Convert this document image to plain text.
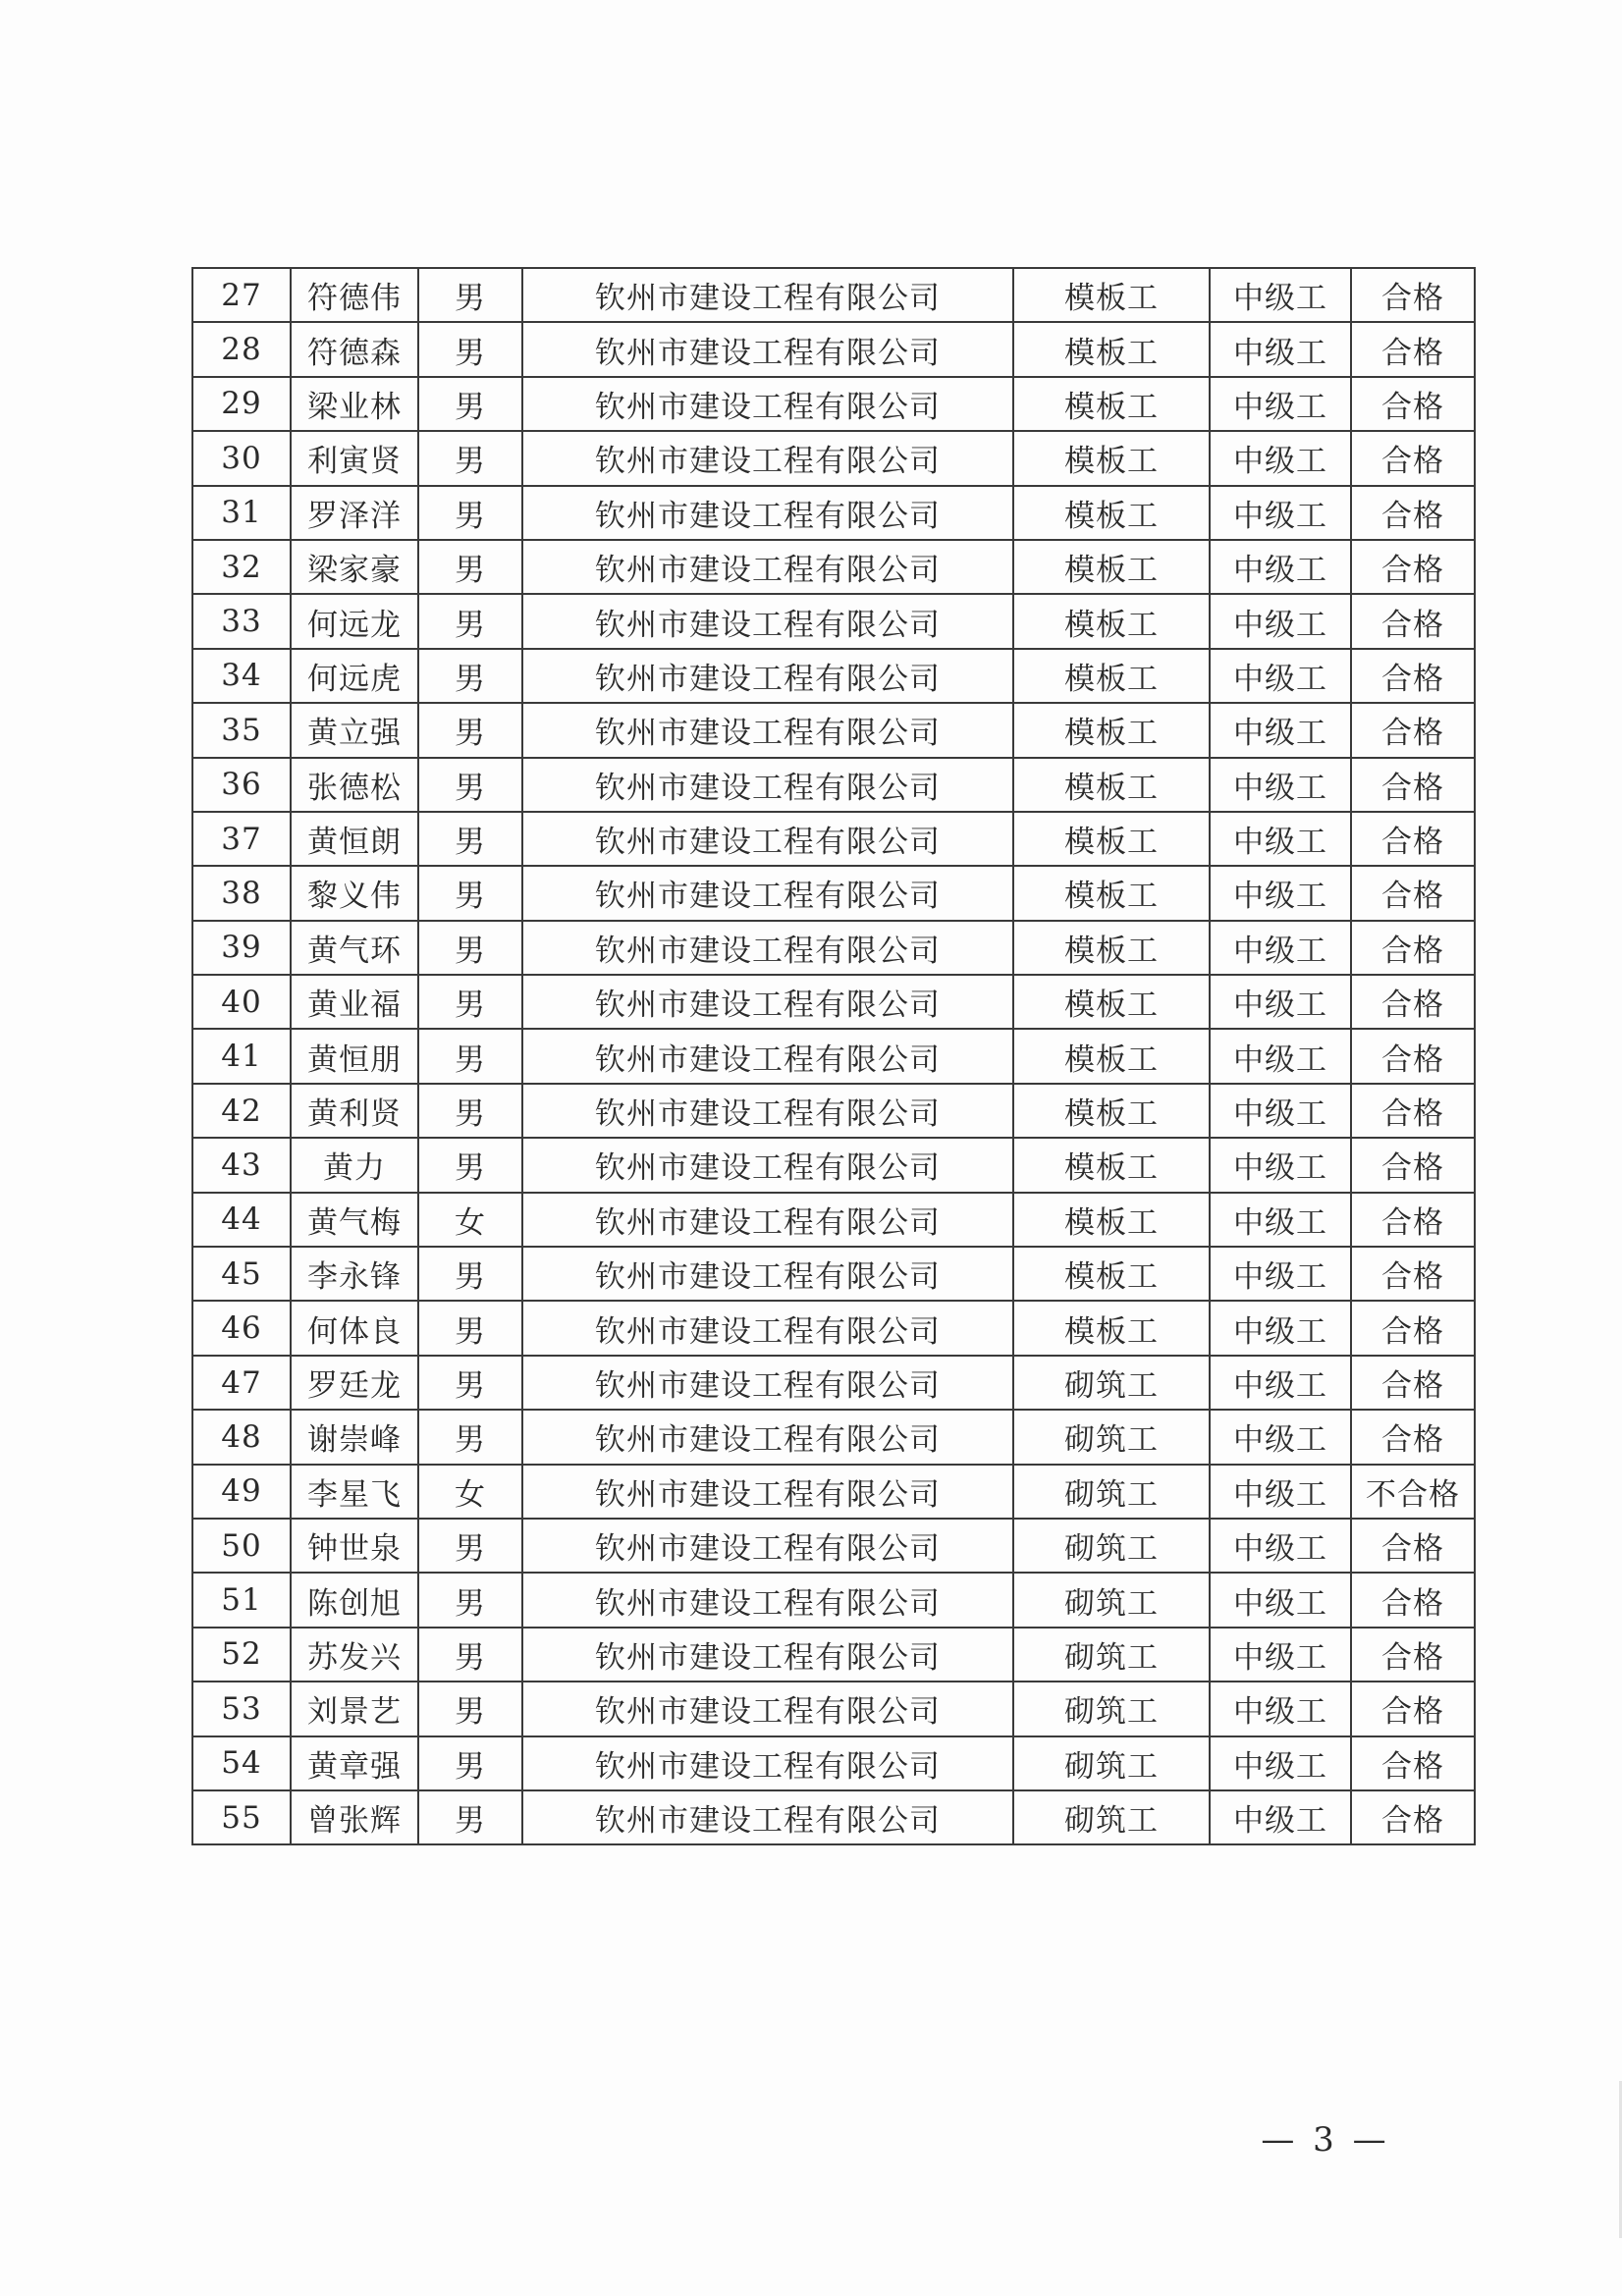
27	符德伟	男	钦州市建设工程有限公司	模板工	中级工	合格
28	符德森	男	钦州市建设工程有限公司	模板工	中级工	合格
29	梁业林	男	钦州市建设工程有限公司	模板工	中级工	合格
30	利寅贤	男	钦州市建设工程有限公司	模板工	中级工	合格
31	罗泽洋	男	钦州市建设工程有限公司	模板工	中级工	合格
32	梁家豪	男	钦州市建设工程有限公司	模板工	中级工	合格
33	何远龙	男	钦州市建设工程有限公司	模板工	中级工	合格
34	何远虎	男	钦州市建设工程有限公司	模板工	中级工	合格
35	黄立强	男	钦州市建设工程有限公司	模板工	中级工	合格
36	张德松	男	钦州市建设工程有限公司	模板工	中级工	合格
37	黄恒朗	男	钦州市建设工程有限公司	模板工	中级工	合格
38	黎义伟	男	钦州市建设工程有限公司	模板工	中级工	合格
39	黄气环	男	钦州市建设工程有限公司	模板工	中级工	合格
40	黄业福	男	钦州市建设工程有限公司	模板工	中级工	合格
41	黄恒朋	男	钦州市建设工程有限公司	模板工	中级工	合格
42	黄利贤	男	钦州市建设工程有限公司	模板工	中级工	合格
43	黄力	男	钦州市建设工程有限公司	模板工	中级工	合格
44	黄气梅	女	钦州市建设工程有限公司	模板工	中级工	合格
45	李永锋	男	钦州市建设工程有限公司	模板工	中级工	合格
46	何体良	男	钦州市建设工程有限公司	模板工	中级工	合格
47	罗廷龙	男	钦州市建设工程有限公司	砌筑工	中级工	合格
48	谢崇峰	男	钦州市建设工程有限公司	砌筑工	中级工	合格
49	李星飞	女	钦州市建设工程有限公司	砌筑工	中级工	不合格
50	钟世泉	男	钦州市建设工程有限公司	砌筑工	中级工	合格
51	陈创旭	男	钦州市建设工程有限公司	砌筑工	中级工	合格
52	苏发兴	男	钦州市建设工程有限公司	砌筑工	中级工	合格
53	刘景艺	男	钦州市建设工程有限公司	砌筑工	中级工	合格
54	黄章强	男	钦州市建设工程有限公司	砌筑工	中级工	合格
55	曾张辉	男	钦州市建设工程有限公司	砌筑工	中级工	合格
— 3 —
